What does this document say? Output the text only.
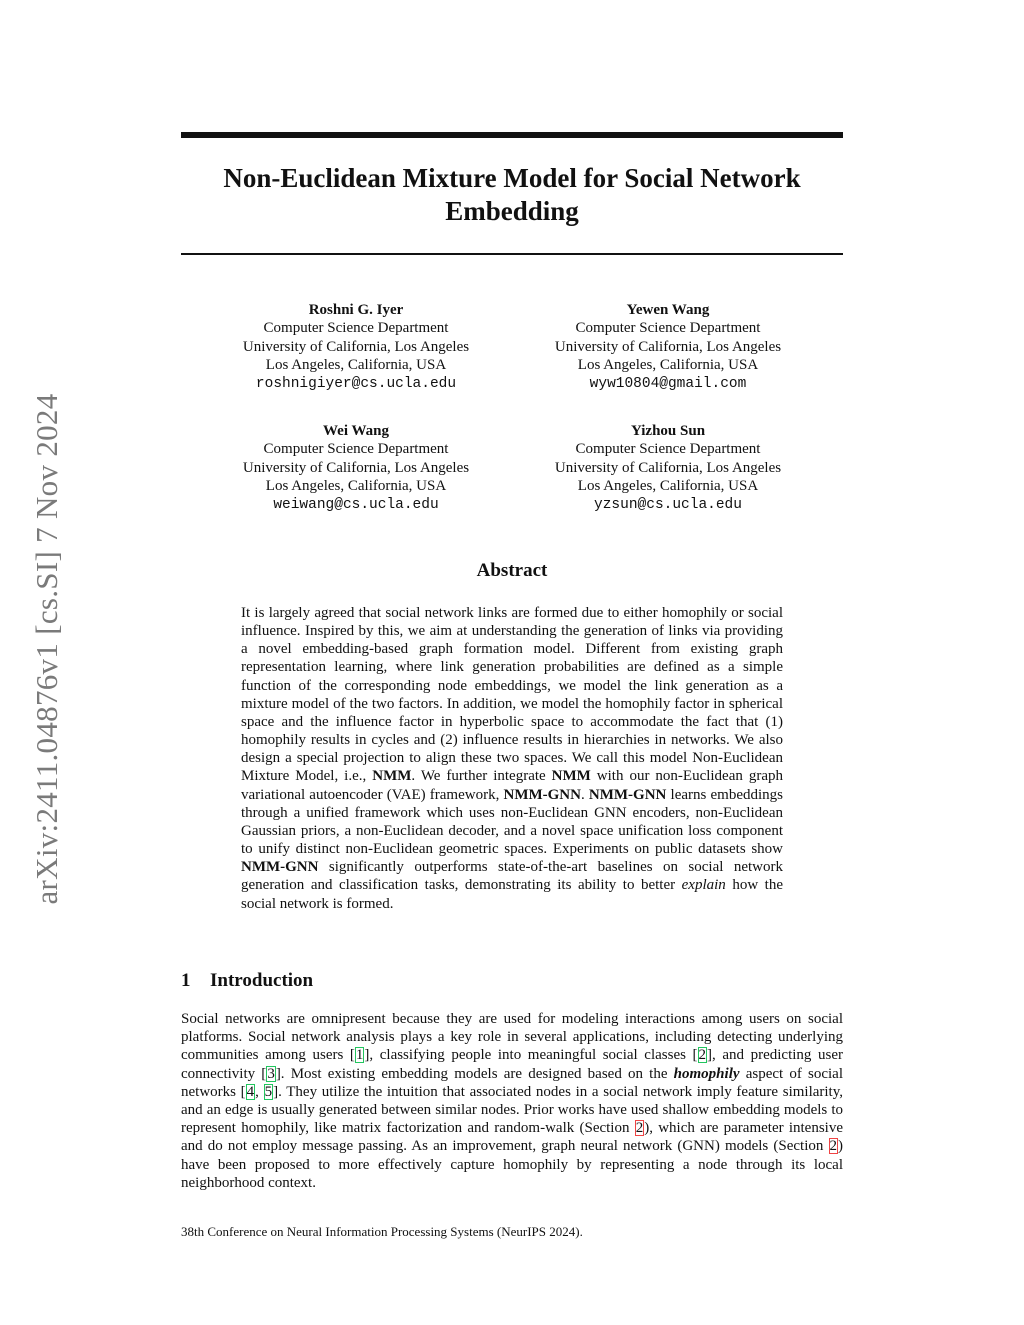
arXiv:2411.04876v1 [cs.SI] 7 Nov 2024
Non-Euclidean Mixture Model for Social Network
Embedding
Roshni G. Iyer
Computer Science Department
University of California, Los Angeles
Los Angeles, California, USA
roshnigiyer@cs.ucla.edu
Yewen Wang
Computer Science Department
University of California, Los Angeles
Los Angeles, California, USA
wyw10804@gmail.com
Wei Wang
Computer Science Department
University of California, Los Angeles
Los Angeles, California, USA
weiwang@cs.ucla.edu
Yizhou Sun
Computer Science Department
University of California, Los Angeles
Los Angeles, California, USA
yzsun@cs.ucla.edu
Abstract

It is largely agreed that social network links are formed due to either homophily or social influence. Inspired by this, we aim at understanding the generation of links via providing a novel embedding-based graph formation model. Different from existing graph representation learning, where link generation probabilities are defined as a simple function of the corresponding node embeddings, we model the link generation as a mixture model of the two factors. In addition, we model the homophily factor in spherical space and the influence factor in hyperbolic space to accommodate the fact that (1) homophily results in cycles and (2) influence results in hierarchies in networks. We also design a special projection to align these two spaces. We call this model Non-Euclidean Mixture Model, i.e., NMM. We further integrate NMM with our non-Euclidean graph variational autoencoder (VAE) framework, NMM-GNN. NMM-GNN learns embeddings through a unified framework which uses non-Euclidean GNN encoders, non-Euclidean Gaussian priors, a non-Euclidean decoder, and a novel space unification loss component to unify distinct non-Euclidean geometric spaces. Experiments on public datasets show NMM-GNN significantly outperforms state-of-the-art baselines on social network generation and classification tasks, demonstrating its ability to better explain how the social network is formed.

1 Introduction

Social networks are omnipresent because they are used for modeling interactions among users on social platforms. Social network analysis plays a key role in several applications, including detecting underlying communities among users [1], classifying people into meaningful social classes [2], and predicting user connectivity [3]. Most existing embedding models are designed based on the homophily aspect of social networks [4, 5]. They utilize the intuition that associated nodes in a social network imply feature similarity, and an edge is usually generated between similar nodes. Prior works have used shallow embedding models to represent homophily, like matrix factorization and random-walk (Section 2), which are parameter intensive and do not employ message passing. As an improvement, graph neural network (GNN) models (Section 2) have been proposed to more effectively capture homophily by representing a node through its local neighborhood context.

38th Conference on Neural Information Processing Systems (NeurIPS 2024).
